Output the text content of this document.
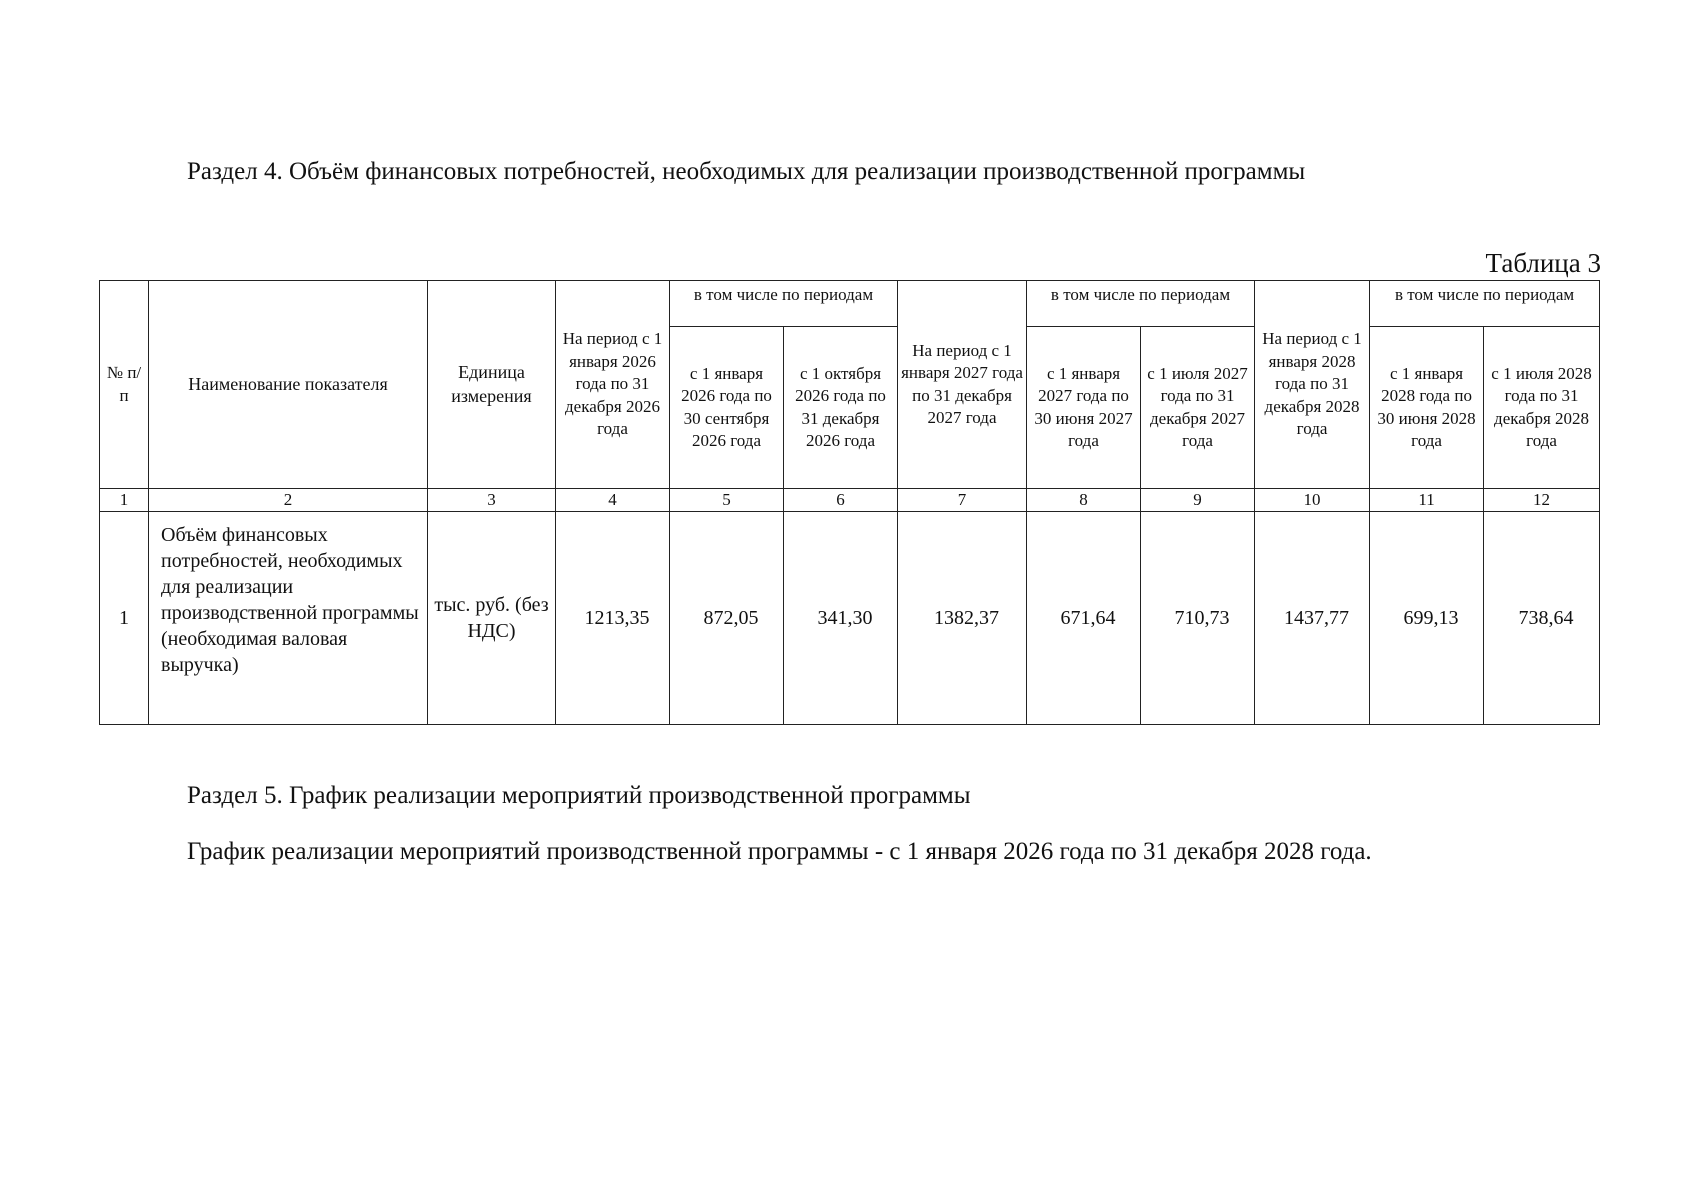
Раздел 4. Объём финансовых потребностей, необходимых для реализации производственной программы
Таблица 3
№ п/п	Наименование показателя	Единица измерения	На период с 1 января 2026 года по 31 декабря 2026 года	в том числе по периодам		На период с 1 января 2027 года по 31 декабря 2027 года	в том числе по периодам		На период с 1 января 2028 года по 31 декабря 2028 года	в том числе по периодам	
				с 1 января 2026 года по 30 сентября 2026 года	с 1 октября 2026 года по 31 декабря 2026 года		с 1 января 2027 года по 30 июня 2027 года	с 1 июля 2027 года по 31 декабря 2027 года		с 1 января 2028 года по 30 июня 2028 года	с 1 июля 2028 года по 31 декабря 2028 года
1	2	3	4	5	6	7	8	9	10	11	12
1	Объём финансовых потребностей, необходимых для реализации производственной программы (необходимая валовая выручка)	тыс. руб. (без НДС)	1213,35	872,05	341,30	1382,37	671,64	710,73	1437,77	699,13	738,64
Раздел 5. График реализации мероприятий производственной программы
График реализации мероприятий производственной программы - с 1 января 2026 года по 31 декабря 2028 года.
